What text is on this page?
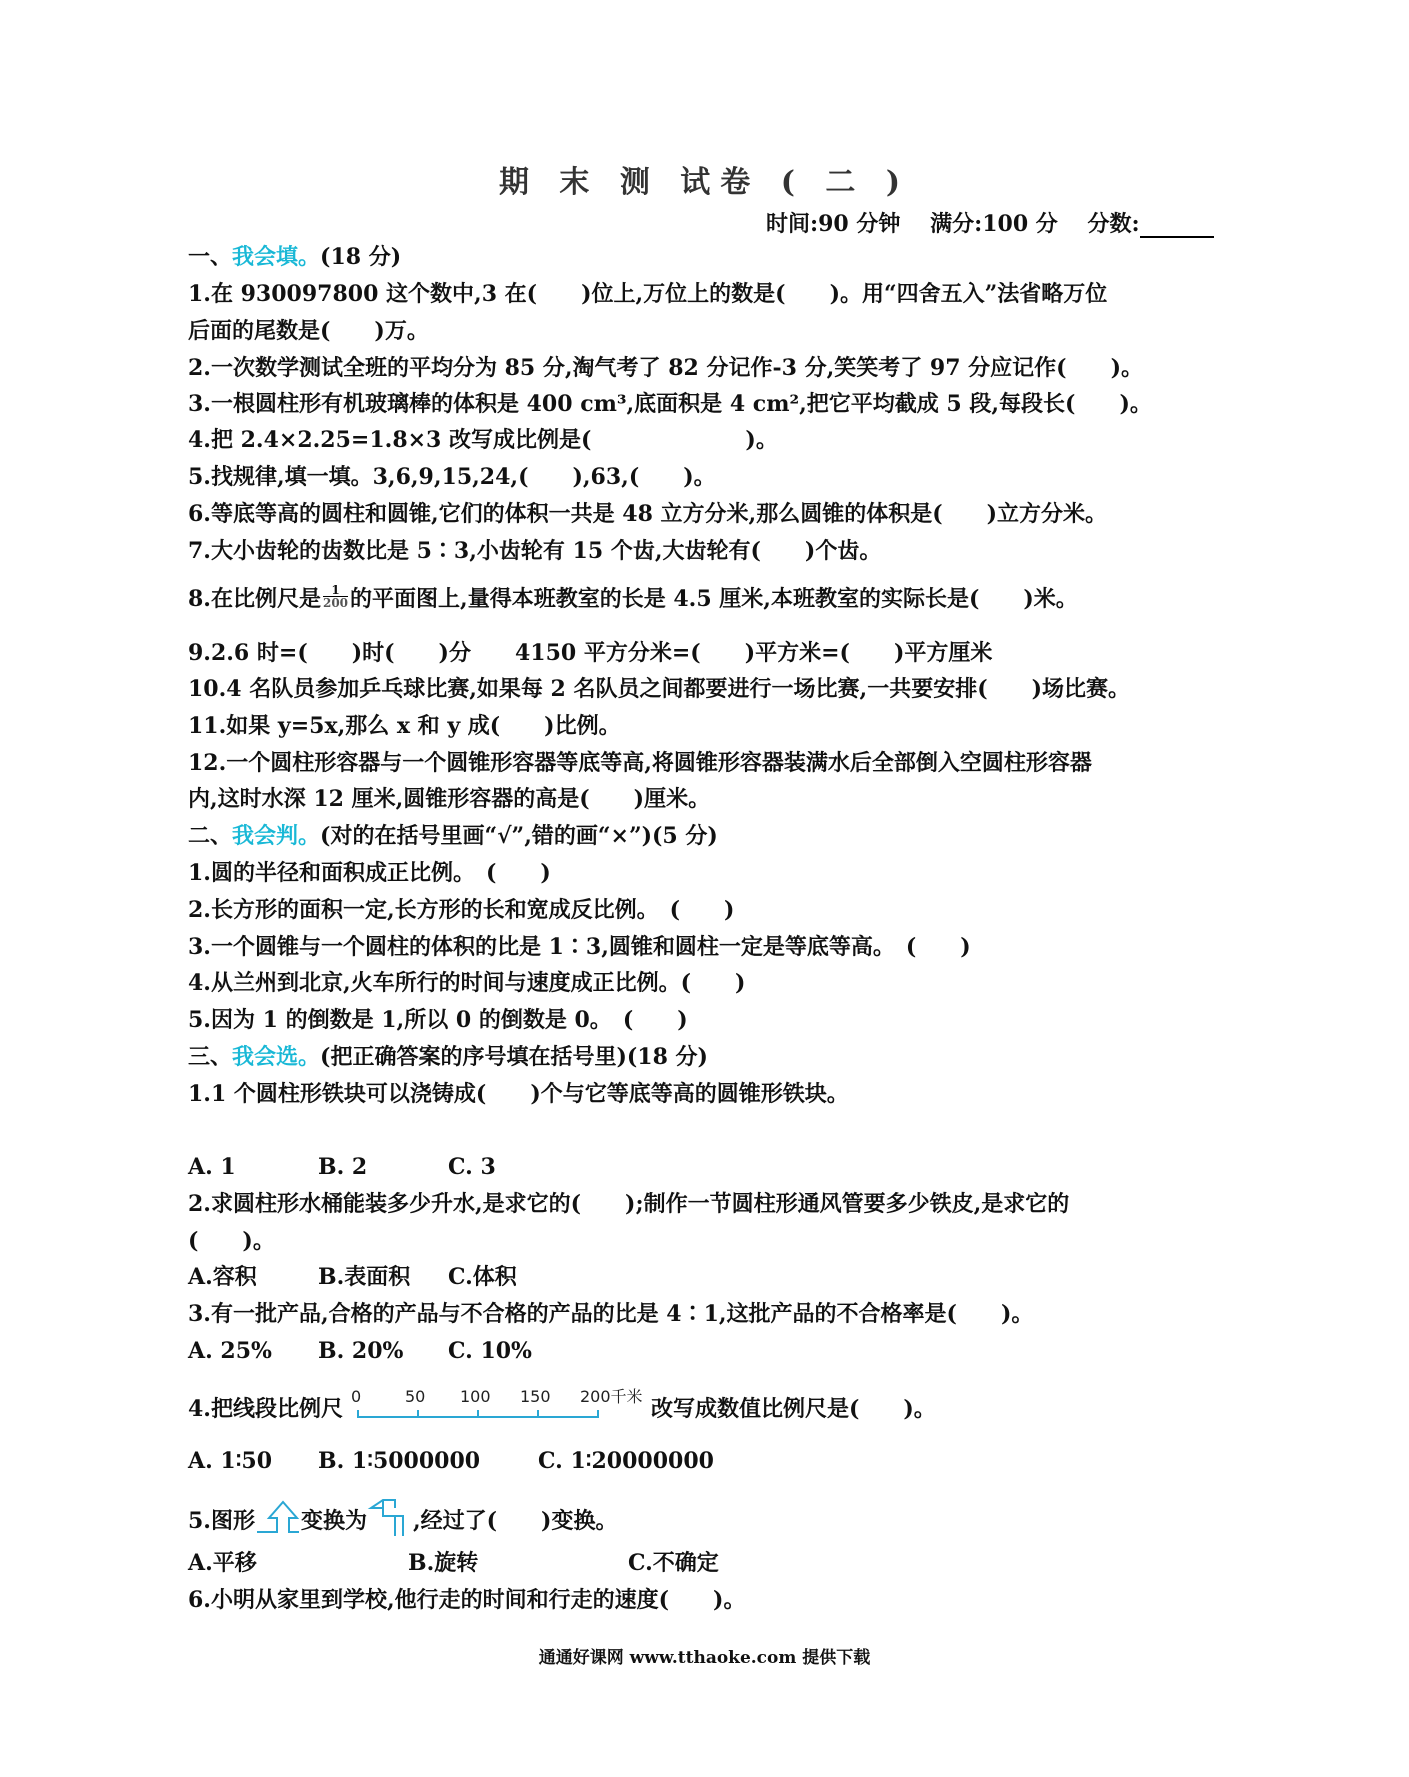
期 末 测 试卷 ( 二 )
时间:90 分钟 满分:100 分 分数:
一、我会填。(18 分)
1.在 930097800 这个数中,3 在(　　)位上,万位上的数是(　　)。用“四舍五入”法省略万位
后面的尾数是(　　)万。
2.一次数学测试全班的平均分为 85 分,淘气考了 82 分记作-3 分,笑笑考了 97 分应记作(　　)。
3.一根圆柱形有机玻璃棒的体积是 400 cm³,底面积是 4 cm²,把它平均截成 5 段,每段长(　　)。
4.把 2.4×2.25=1.8×3 改写成比例是(　　　　　　　)。
5.找规律,填一填。3,6,9,15,24,(　　),63,(　　)。
6.等底等高的圆柱和圆锥,它们的体积一共是 48 立方分米,那么圆锥的体积是(　　)立方分米。
7.大小齿轮的齿数比是 5∶3,小齿轮有 15 个齿,大齿轮有(　　)个齿。
8.在比例尺是 $\frac{1}{200}$ 的平面图上,量得本班教室的长是 4.5 厘米,本班教室的实际长是(　　)米。
9.2.6 时=(　　)时(　　)分　　4150 平方分米=(　　)平方米=(　　)平方厘米
10.4 名队员参加乒乓球比赛,如果每 2 名队员之间都要进行一场比赛,一共要安排(　　)场比赛。
11.如果 y=5x,那么 x 和 y 成(　　)比例。
12.一个圆柱形容器与一个圆锥形容器等底等高,将圆锥形容器装满水后全部倒入空圆柱形容器
内,这时水深 12 厘米,圆锥形容器的高是(　　)厘米。
二、我会判。(对的在括号里画“√”,错的画“×”)(5 分)
1.圆的半径和面积成正比例。　(　　)
2.长方形的面积一定,长方形的长和宽成反比例。　(　　)
3.一个圆锥与一个圆柱的体积的比是 1∶3,圆锥和圆柱一定是等底等高。　(　　)
4.从兰州到北京,火车所行的时间与速度成正比例。(　　)
5.因为 1 的倒数是 1,所以 0 的倒数是 0。　(　　)
三、我会选。(把正确答案的序号填在括号里)(18 分)
1.1 个圆柱形铁块可以浇铸成(　　)个与它等底等高的圆锥形铁块。
A. 1	B. 2	C. 3
2.求圆柱形水桶能装多少升水,是求它的(　　);制作一节圆柱形通风管要多少铁皮,是求它的
(　　)。
A.容积	B.表面积 C.体积
3.有一批产品,合格的产品与不合格的产品的比是 4∶1,这批产品的不合格率是(　　)。
A. 25% B. 20% C. 10%
4.把线段比例尺 0	50 100 150 200千米 改写成数值比例尺是(　　)。
A. 1∶50 B. 1∶5000000	C. 1∶20000000
5.图形 变换为 ,经过了(　　)变换。
A.平移	B.旋转	C.不确定
6.小明从家里到学校,他行走的时间和行走的速度(　　)。
通通好课网 www.tthaoke.com 提供下载
